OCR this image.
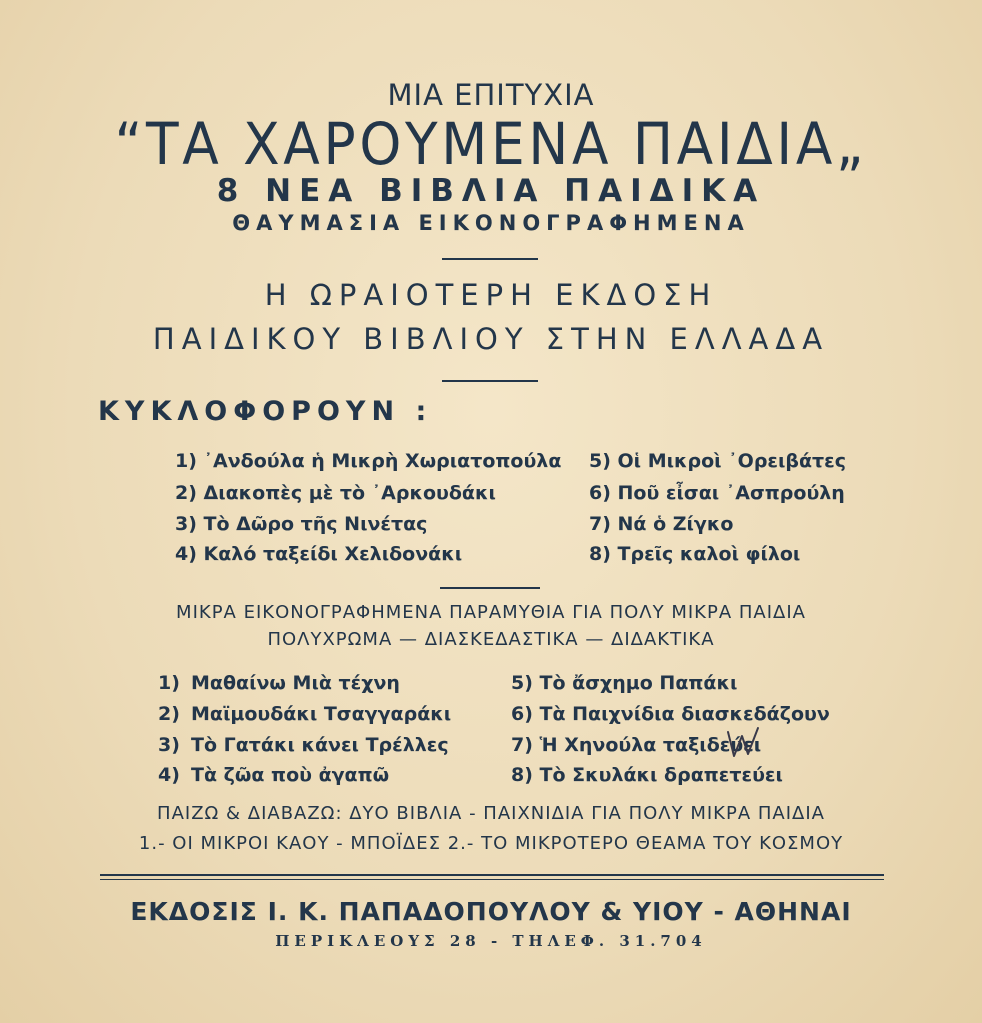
ΜΙΑ ΕΠΙΤΥΧΙΑ
“ΤΑ ΧΑΡΟΥΜΕΝΑ ΠΑΙΔΙΑ„
8 ΝΕΑ ΒΙΒΛΙΑ ΠΑΙΔΙΚΑ
ΘΑΥΜΑΣΙΑ ΕΙΚΟΝΟΓΡΑΦΗΜΕΝΑ
Η ΩΡΑΙΟΤΕΡΗ ΕΚΔΟΣΗ
ΠΑΙΔΙΚΟΥ ΒΙΒΛΙΟΥ ΣΤΗΝ ΕΛΛΑΔΑ
ΚΥΚΛΟΦΟΡΟΥΝ :
1) ᾽Ανδούλα ἡ Μικρὴ Χωριατοπούλα
2) Διακοπὲς μὲ τὸ ᾽Αρκουδάκι
3) Τὸ Δῶρο τῆς Νινέτας
4) Καλό ταξείδι Χελιδονάκι
5) Οἱ Μικροὶ ᾽Ορειβάτες
6) Ποῦ εἶσαι ᾽Ασπρούλη
7) Νά ὁ Ζίγκο
8) Τρεῖς καλοὶ φίλοι
ΜΙΚΡΑ ΕΙΚΟΝΟΓΡΑΦΗΜΕΝΑ ΠΑΡΑΜΥΘΙΑ ΓΙΑ ΠΟΛΥ ΜΙΚΡΑ ΠΑΙΔΙΑ
ΠΟΛΥΧΡΩΜΑ — ΔΙΑΣΚΕΔΑΣΤΙΚΑ — ΔΙΔΑΚΤΙΚΑ
1) Μαθαίνω Μιὰ τέχνη
2) Μαϊμουδάκι Τσαγγαράκι
3) Τὸ Γατάκι κάνει Τρέλλες
4) Τὰ ζῶα ποὺ ἀγαπῶ
5) Τὸ ἄσχημο Παπάκι
6) Τὰ Παιχνίδια διασκεδάζουν
7) Ἡ Χηνούλα ταξιδεύει
8) Τὸ Σκυλάκι δραπετεύει
ΠΑΙΖΩ & ΔΙΑΒΑΖΩ: ΔΥΟ ΒΙΒΛΙΑ - ΠΑΙΧΝΙΔΙΑ ΓΙΑ ΠΟΛΥ ΜΙΚΡΑ ΠΑΙΔΙΑ
1.- ΟΙ ΜΙΚΡΟΙ ΚΑΟΥ - ΜΠΟΪΔΕΣ 2.- ΤΟ ΜΙΚΡΟΤΕΡΟ ΘΕΑΜΑ ΤΟΥ ΚΟΣΜΟΥ
ΕΚΔΟΣΙΣ Ι. Κ. ΠΑΠΑΔΟΠΟΥΛΟΥ & ΥΙΟΥ - ΑΘΗΝΑΙ
ΠΕΡΙΚΛΕΟΥΣ 28 - ΤΗΛΕΦ. 31.704
